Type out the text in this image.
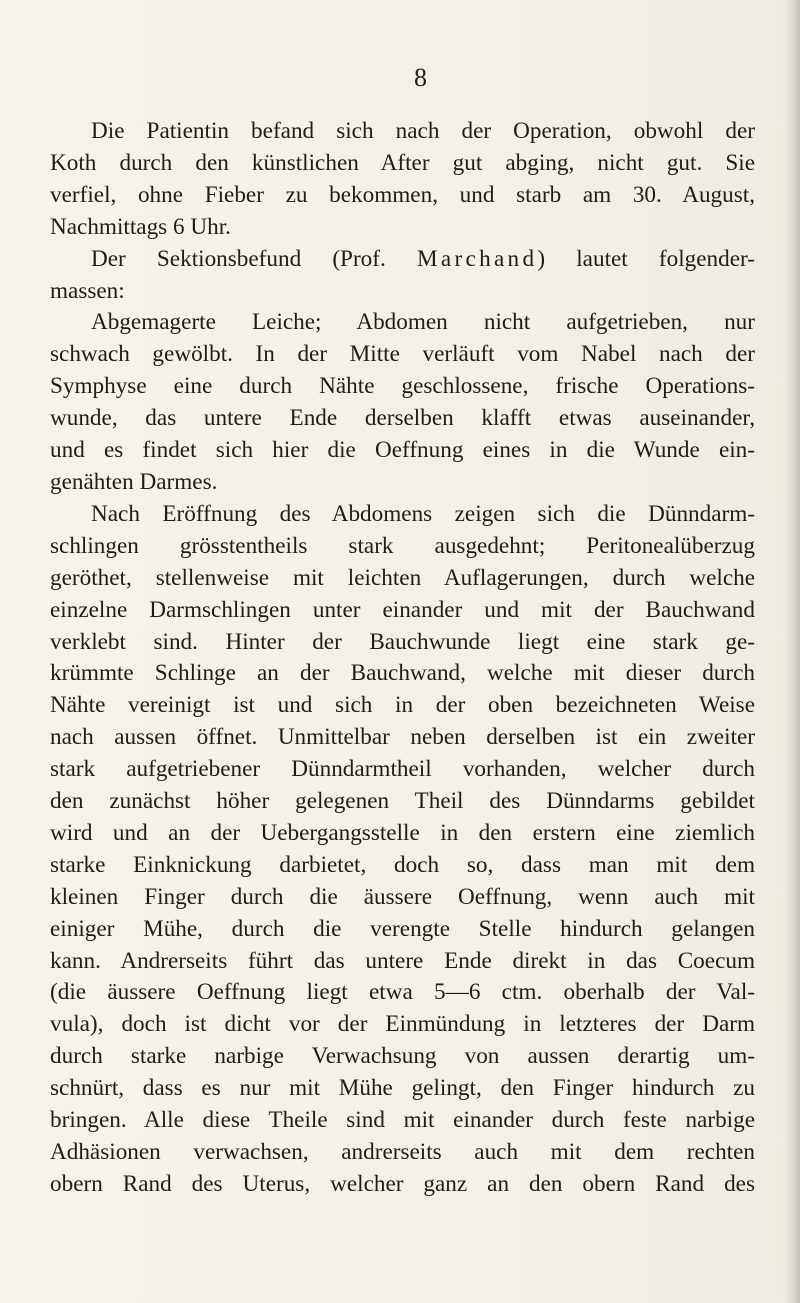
8
Die Patientin befand sich nach der Operation, obwohl der
Koth durch den künstlichen After gut abging, nicht gut. Sie
verfiel, ohne Fieber zu bekommen, und starb am 30. August,
Nachmittags 6 Uhr.
Der Sektionsbefund (Prof. Marchand) lautet folgender-
massen:
Abgemagerte Leiche; Abdomen nicht aufgetrieben, nur
schwach gewölbt. In der Mitte verläuft vom Nabel nach der
Symphyse eine durch Nähte geschlossene, frische Operations-
wunde, das untere Ende derselben klafft etwas auseinander,
und es findet sich hier die Oeffnung eines in die Wunde ein-
genähten Darmes.
Nach Eröffnung des Abdomens zeigen sich die Dünndarm-
schlingen grösstentheils stark ausgedehnt; Peritonealüberzug
geröthet, stellenweise mit leichten Auflagerungen, durch welche
einzelne Darmschlingen unter einander und mit der Bauchwand
verklebt sind. Hinter der Bauchwunde liegt eine stark ge-
krümmte Schlinge an der Bauchwand, welche mit dieser durch
Nähte vereinigt ist und sich in der oben bezeichneten Weise
nach aussen öffnet. Unmittelbar neben derselben ist ein zweiter
stark aufgetriebener Dünndarmtheil vorhanden, welcher durch
den zunächst höher gelegenen Theil des Dünndarms gebildet
wird und an der Uebergangsstelle in den erstern eine ziemlich
starke Einknickung darbietet, doch so, dass man mit dem
kleinen Finger durch die äussere Oeffnung, wenn auch mit
einiger Mühe, durch die verengte Stelle hindurch gelangen
kann. Andrerseits führt das untere Ende direkt in das Coecum
(die äussere Oeffnung liegt etwa 5—6 ctm. oberhalb der Val-
vula), doch ist dicht vor der Einmündung in letzteres der Darm
durch starke narbige Verwachsung von aussen derartig um-
schnürt, dass es nur mit Mühe gelingt, den Finger hindurch zu
bringen. Alle diese Theile sind mit einander durch feste narbige
Adhäsionen verwachsen, andrerseits auch mit dem rechten
obern Rand des Uterus, welcher ganz an den obern Rand des
